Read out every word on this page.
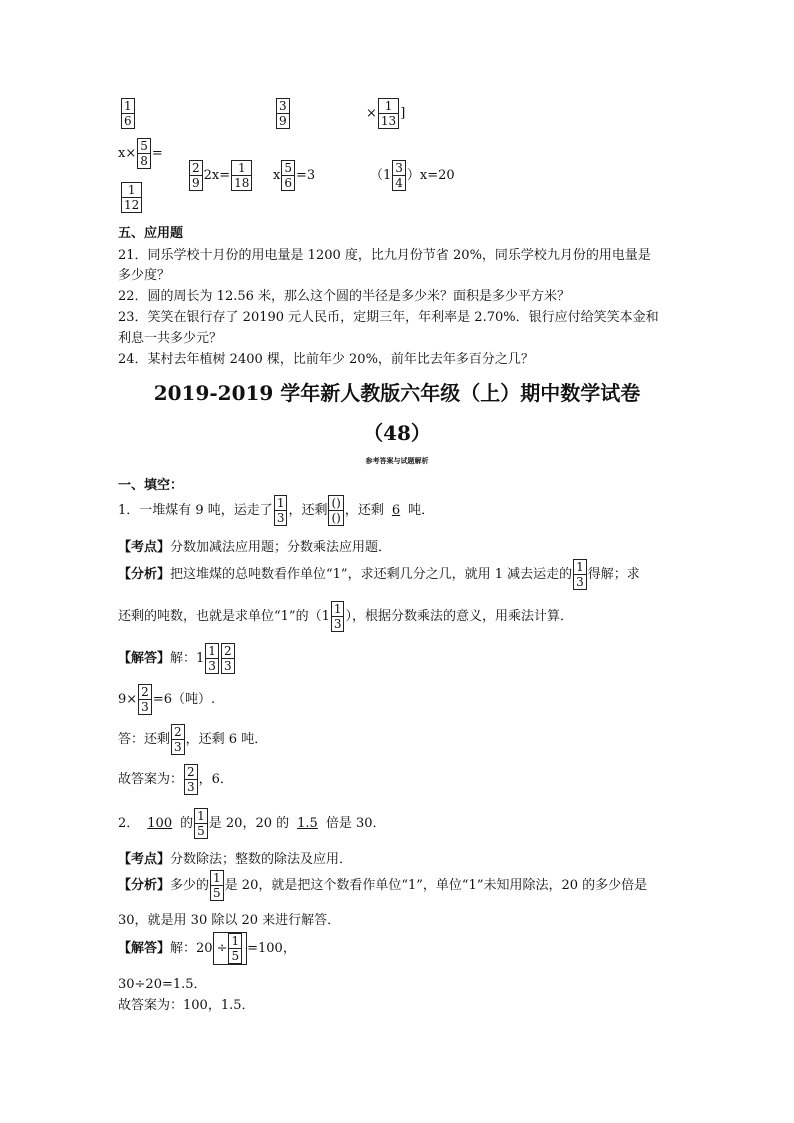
$\frac{1}{6}$	$\frac{3}{9}$	× $\frac{1}{13}$ ]
$x\times \frac{5}{8}$ =
$\frac{2}{9} 2x= \frac{1}{18}$ x $\frac{5}{6} =3$	$(1 \frac{3}{4} )x=20$
$\frac{1}{12}$
五、应用题
21．同乐学校十月份的用电量是 1200 度，比九月份节省 20%，同乐学校九月份的用电量是
多少度？
22．圆的周长为 12.56 米，那么这个圆的半径是多少米？面积是多少平方米？
23．笑笑在银行存了 20190 元人民币，定期三年，年利率是 2.70%．银行应付给笑笑本金和
利息一共多少元？
24．某村去年植树 2400 棵，比前年少 20%，前年比去年多百分之几？
2019-2019 学年新人教版六年级（上）期中数学试卷
（48）
参考答案与试题解析
一、填空：
1．一堆煤有 9 吨，运走了 $\frac{1}{3}$ ，还剩 $\frac{()}{()}$ ，还剩 6 吨．
【考点】分数加减法应用题；分数乘法应用题．
【分析】把这堆煤的总吨数看作单位“1”，求还剩几分之几，就用 1 减去运走的 $\frac{1}{3}$ 得解；求
还剩的吨数，也就是求单位“1”的（$1 \frac{1}{3}$ ），根据分数乘法的意义，用乘法计算．
【解答】解：$1 \frac{1}{3} \frac{2}{3}$
$9\times \frac{2}{3} =6$（吨）.
答：还剩 $\frac{2}{3}$ ，还剩 6 吨．
故答案为： $\frac{2}{3}$ ，6．
2． 100 的 $\frac{1}{5}$ 是 20，20 的 1.5 倍是 30．
【考点】分数除法；整数的除法及应用．
【分析】多少的 $\frac{1}{5}$ 是 20，就是把这个数看作单位“1”，单位“1”未知用除法，20 的多少倍是
30，就是用 30 除以 20 来进行解答．
【解答】解：$20 \div \frac{1}{5} =100$，
30÷20=1.5．
故答案为：100，1.5．
